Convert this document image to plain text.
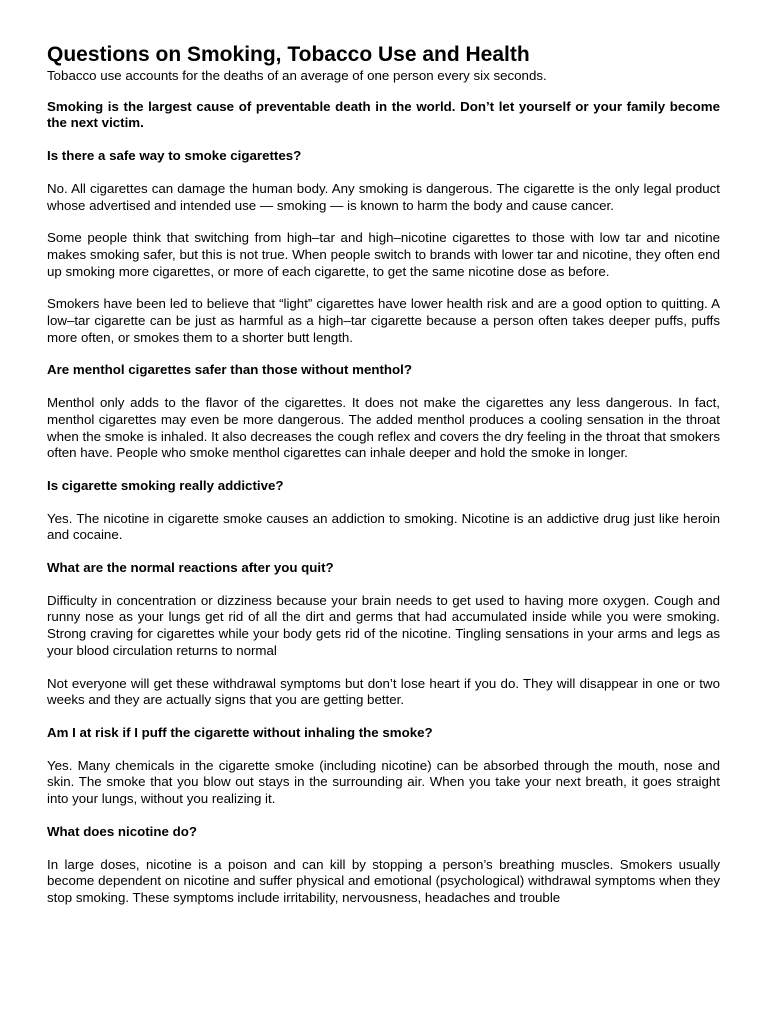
Questions on Smoking, Tobacco Use and Health

Tobacco use accounts for the deaths of an average of one person every six seconds.

Smoking is the largest cause of preventable death in the world. Don’t let yourself or your family become the next victim.

Is there a safe way to smoke cigarettes?

No. All cigarettes can damage the human body. Any smoking is dangerous. The cigarette is the only legal product whose advertised and intended use — smoking — is known to harm the body and cause cancer.

Some people think that switching from high–tar and high–nicotine cigarettes to those with low tar and nicotine makes smoking safer, but this is not true. When people switch to brands with lower tar and nicotine, they often end up smoking more cigarettes, or more of each cigarette, to get the same nicotine dose as before.

Smokers have been led to believe that “light” cigarettes have lower health risk and are a good option to quitting. A low–tar cigarette can be just as harmful as a high–tar cigarette because a person often takes deeper puffs, puffs more often, or smokes them to a shorter butt length.

Are menthol cigarettes safer than those without menthol?

Menthol only adds to the flavor of the cigarettes. It does not make the cigarettes any less dangerous. In fact, menthol cigarettes may even be more dangerous. The added menthol produces a cooling sensation in the throat when the smoke is inhaled. It also decreases the cough reflex and covers the dry feeling in the throat that smokers often have. People who smoke menthol cigarettes can inhale deeper and hold the smoke in longer.

Is cigarette smoking really addictive?

Yes. The nicotine in cigarette smoke causes an addiction to smoking. Nicotine is an addictive drug just like heroin and cocaine.

What are the normal reactions after you quit?

Difficulty in concentration or dizziness because your brain needs to get used to having more oxygen. Cough and runny nose as your lungs get rid of all the dirt and germs that had accumulated inside while you were smoking. Strong craving for cigarettes while your body gets rid of the nicotine. Tingling sensations in your arms and legs as your blood circulation returns to normal

Not everyone will get these withdrawal symptoms but don’t lose heart if you do. They will disappear in one or two weeks and they are actually signs that you are getting better.

Am I at risk if I puff the cigarette without inhaling the smoke?

Yes. Many chemicals in the cigarette smoke (including nicotine) can be absorbed through the mouth, nose and skin. The smoke that you blow out stays in the surrounding air. When you take your next breath, it goes straight into your lungs, without you realizing it.

What does nicotine do?

In large doses, nicotine is a poison and can kill by stopping a person’s breathing muscles. Smokers usually become dependent on nicotine and suffer physical and emotional (psychological) withdrawal symptoms when they stop smoking. These symptoms include irritability, nervousness, headaches and trouble
